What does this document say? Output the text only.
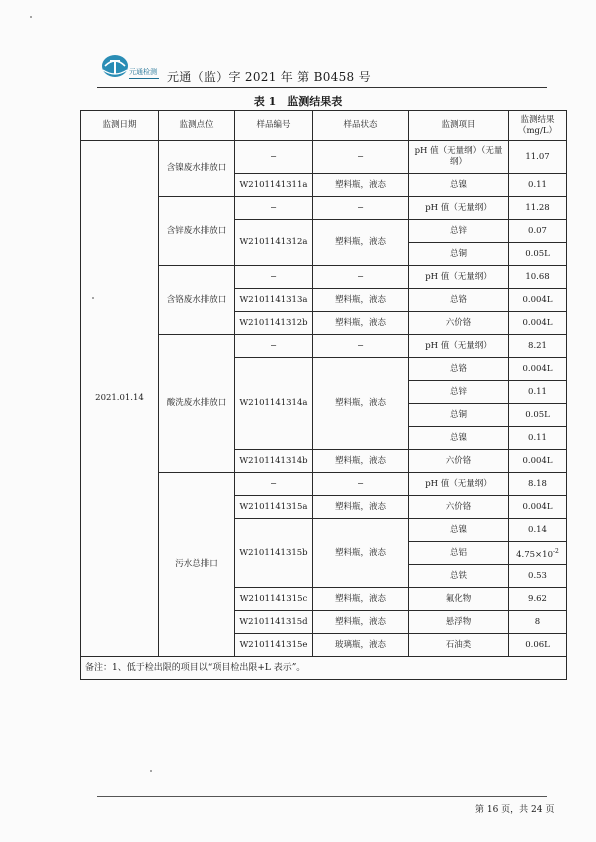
元通检测 元通（监）字 2021 年 第 B0458 号
表 1　监测结果表
监测日期	监测点位	样品编号	样品状态	监测项目	监测结果（mg/L）
2021.01.14	含镍废水排放口	—	—	pH 值（无量纲）（无量纲）	11.07
		W2101141311a	塑料瓶，液态	总镍	0.11
	含锌废水排放口	—	—	pH 值（无量纲）	11.28
		W2101141312a	塑料瓶，液态	总锌	0.07
				总铜	0.05L
	含铬废水排放口	—	—	pH 值（无量纲）	10.68
		W2101141313a	塑料瓶，液态	总铬	0.004L
		W2101141312b	塑料瓶，液态	六价铬	0.004L
	酸洗废水排放口	—	—	pH 值（无量纲）	8.21
		W2101141314a	塑料瓶，液态	总铬	0.004L
				总锌	0.11
				总铜	0.05L
				总镍	0.11
		W2101141314b	塑料瓶，液态	六价铬	0.004L
	污水总排口	—	—	pH 值（无量纲）	8.18
		W2101141315a	塑料瓶，液态	六价铬	0.004L
		W2101141315b	塑料瓶，液态	总镍	0.14
				总铝	$4.75\times 10^{-2}$
				总铁	0.53
		W2101141315c	塑料瓶，液态	氟化物	9.62
		W2101141315d	塑料瓶，液态	悬浮物	8
		W2101141315e	玻璃瓶，液态	石油类	0.06L
备注：1、低于检出限的项目以“项目检出限+L 表示”。					
第 16 页，共 24 页
